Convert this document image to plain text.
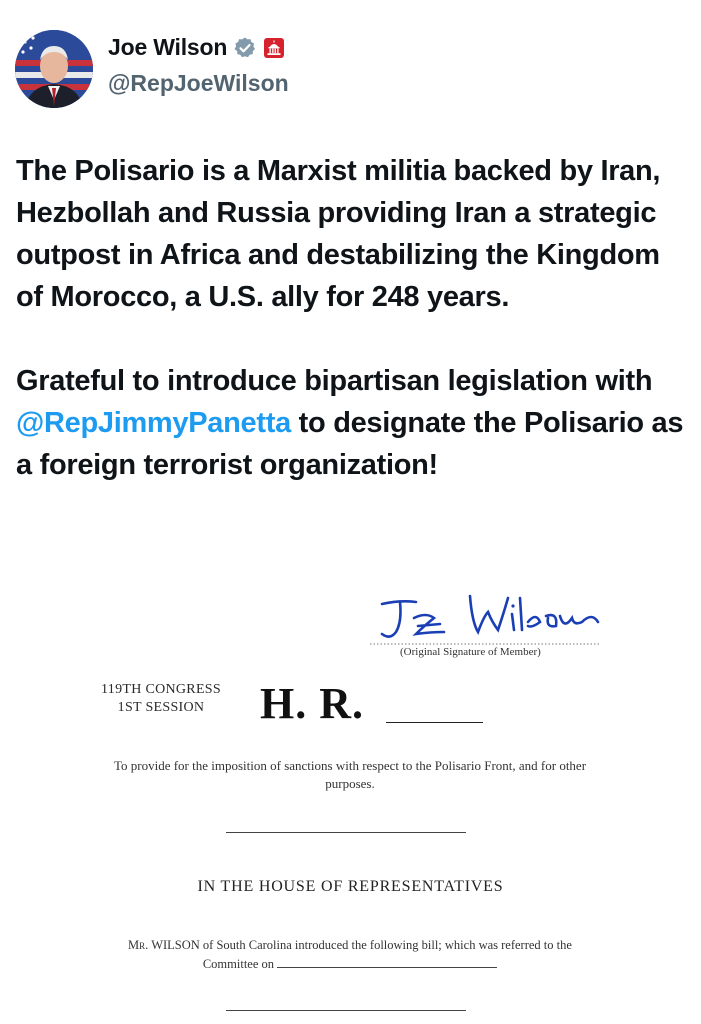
Joe Wilson
@RepJoeWilson

The Polisario is a Marxist militia backed by Iran, Hezbollah and Russia providing Iran a strategic outpost in Africa and destabilizing the Kingdom of Morocco, a U.S. ally for 248 years.

Grateful to introduce bipartisan legislation with @RepJimmyPanetta to designate the Polisario as a foreign terrorist organization!

(Original Signature of Member)
119TH CONGRESS
1ST SESSION	H. R.
To provide for the imposition of sanctions with respect to the Polisario Front, and for other purposes.
IN THE HOUSE OF REPRESENTATIVES
Mr. WILSON of South Carolina introduced the following bill; which was referred to the Committee on
